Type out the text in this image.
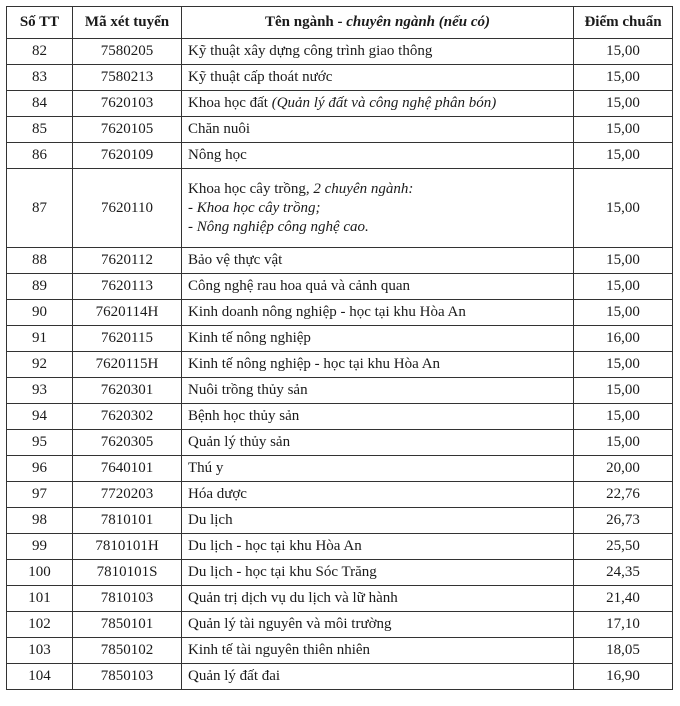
Số TT	Mã xét tuyển	Tên ngành - chuyên ngành (nếu có)	Điểm chuẩn
82	7580205	Kỹ thuật xây dựng công trình giao thông	15,00
83	7580213	Kỹ thuật cấp thoát nước	15,00
84	7620103	Khoa học đất (Quản lý đất và công nghệ phân bón)	15,00
85	7620105	Chăn nuôi	15,00
86	7620109	Nông học	15,00
87	7620110	Khoa học cây trồng, 2 chuyên ngành:
- Khoa học cây trồng;
- Nông nghiệp công nghệ cao.	15,00
88	7620112	Bảo vệ thực vật	15,00
89	7620113	Công nghệ rau hoa quả và cảnh quan	15,00
90	7620114H	Kinh doanh nông nghiệp - học tại khu Hòa An	15,00
91	7620115	Kinh tế nông nghiệp	16,00
92	7620115H	Kinh tế nông nghiệp - học tại khu Hòa An	15,00
93	7620301	Nuôi trồng thủy sản	15,00
94	7620302	Bệnh học thủy sản	15,00
95	7620305	Quản lý thủy sản	15,00
96	7640101	Thú y	20,00
97	7720203	Hóa dược	22,76
98	7810101	Du lịch	26,73
99	7810101H	Du lịch - học tại khu Hòa An	25,50
100	7810101S	Du lịch - học tại khu Sóc Trăng	24,35
101	7810103	Quản trị dịch vụ du lịch và lữ hành	21,40
102	7850101	Quản lý tài nguyên và môi trường	17,10
103	7850102	Kinh tế tài nguyên thiên nhiên	18,05
104	7850103	Quản lý đất đai	16,90
